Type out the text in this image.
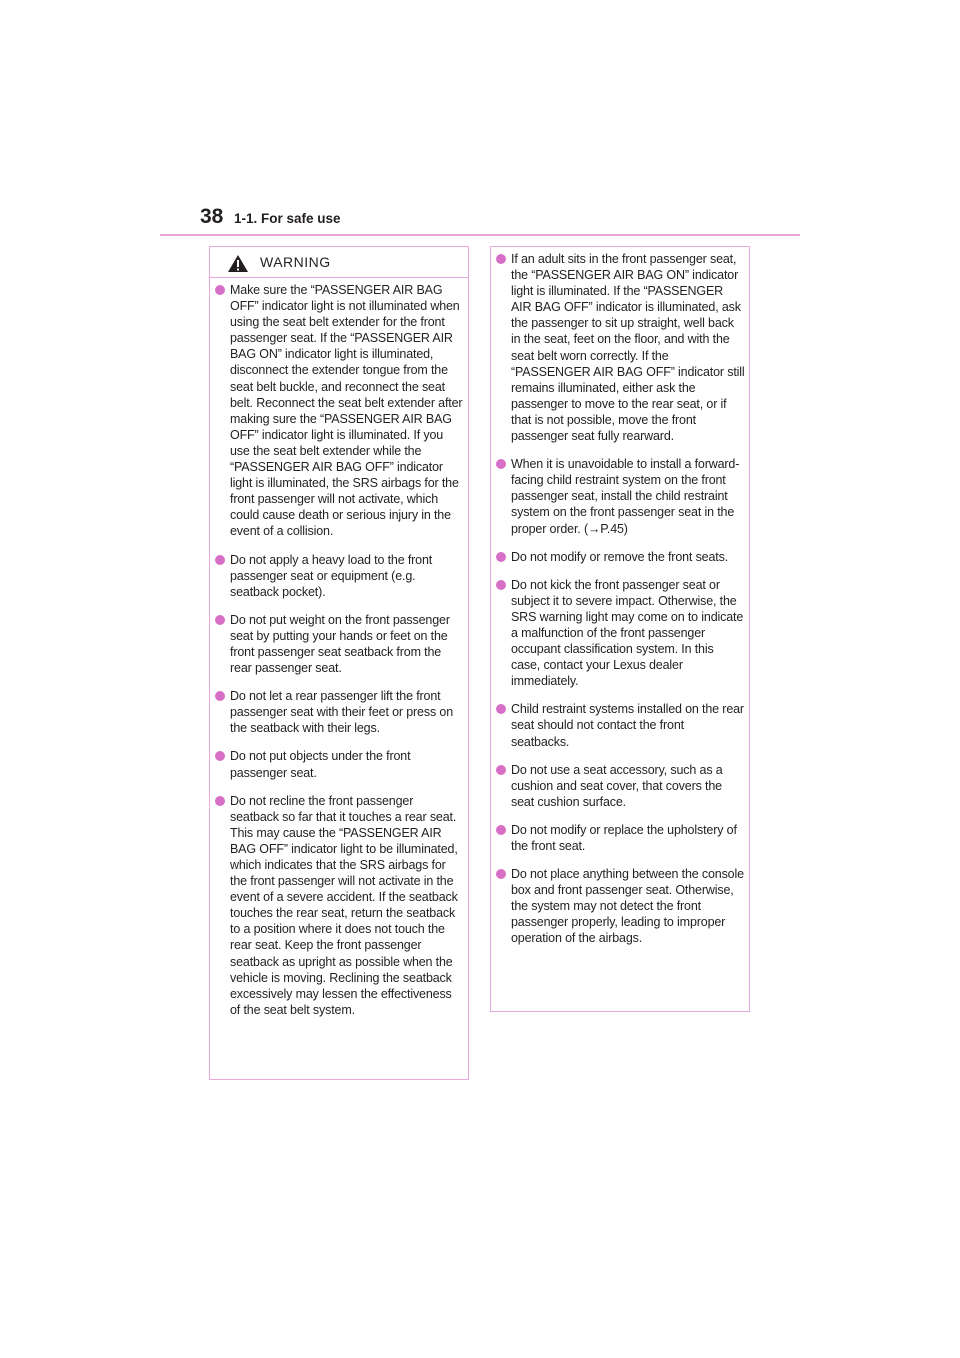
38 1-1. For safe use
WARNING
Make sure the “PASSENGER AIR BAG OFF” indicator light is not illuminated when using the seat belt extender for the front passenger seat. If the “PASSENGER AIR BAG ON” indicator light is illuminated, disconnect the extender tongue from the seat belt buckle, and reconnect the seat belt. Reconnect the seat belt extender after making sure the “PASSENGER AIR BAG OFF” indicator light is illuminated. If you use the seat belt extender while the “PASSENGER AIR BAG OFF” indicator light is illuminated, the SRS airbags for the front passenger will not activate, which could cause death or serious injury in the event of a collision.
Do not apply a heavy load to the front passenger seat or equipment (e.g. seatback pocket).
Do not put weight on the front passenger seat by putting your hands or feet on the front passenger seat seatback from the rear passenger seat.
Do not let a rear passenger lift the front passenger seat with their feet or press on the seatback with their legs.
Do not put objects under the front passenger seat.
Do not recline the front passenger seatback so far that it touches a rear seat. This may cause the “PASSENGER AIR BAG OFF” indicator light to be illuminated, which indicates that the SRS airbags for the front passenger will not activate in the event of a severe accident. If the seatback touches the rear seat, return the seatback to a position where it does not touch the rear seat. Keep the front passenger seatback as upright as possible when the vehicle is moving. Reclining the seatback excessively may lessen the effectiveness of the seat belt system.
If an adult sits in the front passenger seat, the “PASSENGER AIR BAG ON” indicator light is illuminated. If the “PASSENGER AIR BAG OFF” indicator is illuminated, ask the passenger to sit up straight, well back in the seat, feet on the floor, and with the seat belt worn correctly. If the “PASSENGER AIR BAG OFF” indicator still remains illuminated, either ask the passenger to move to the rear seat, or if that is not possible, move the front passenger seat fully rearward.
When it is unavoidable to install a forward-facing child restraint system on the front passenger seat, install the child restraint system on the front passenger seat in the proper order. (→P.45)
Do not modify or remove the front seats.
Do not kick the front passenger seat or subject it to severe impact. Otherwise, the SRS warning light may come on to indicate a malfunction of the front passenger occupant classification system. In this case, contact your Lexus dealer immediately.
Child restraint systems installed on the rear seat should not contact the front seatbacks.
Do not use a seat accessory, such as a cushion and seat cover, that covers the seat cushion surface.
Do not modify or replace the upholstery of the front seat.
Do not place anything between the console box and front passenger seat. Otherwise, the system may not detect the front passenger properly, leading to improper operation of the airbags.
